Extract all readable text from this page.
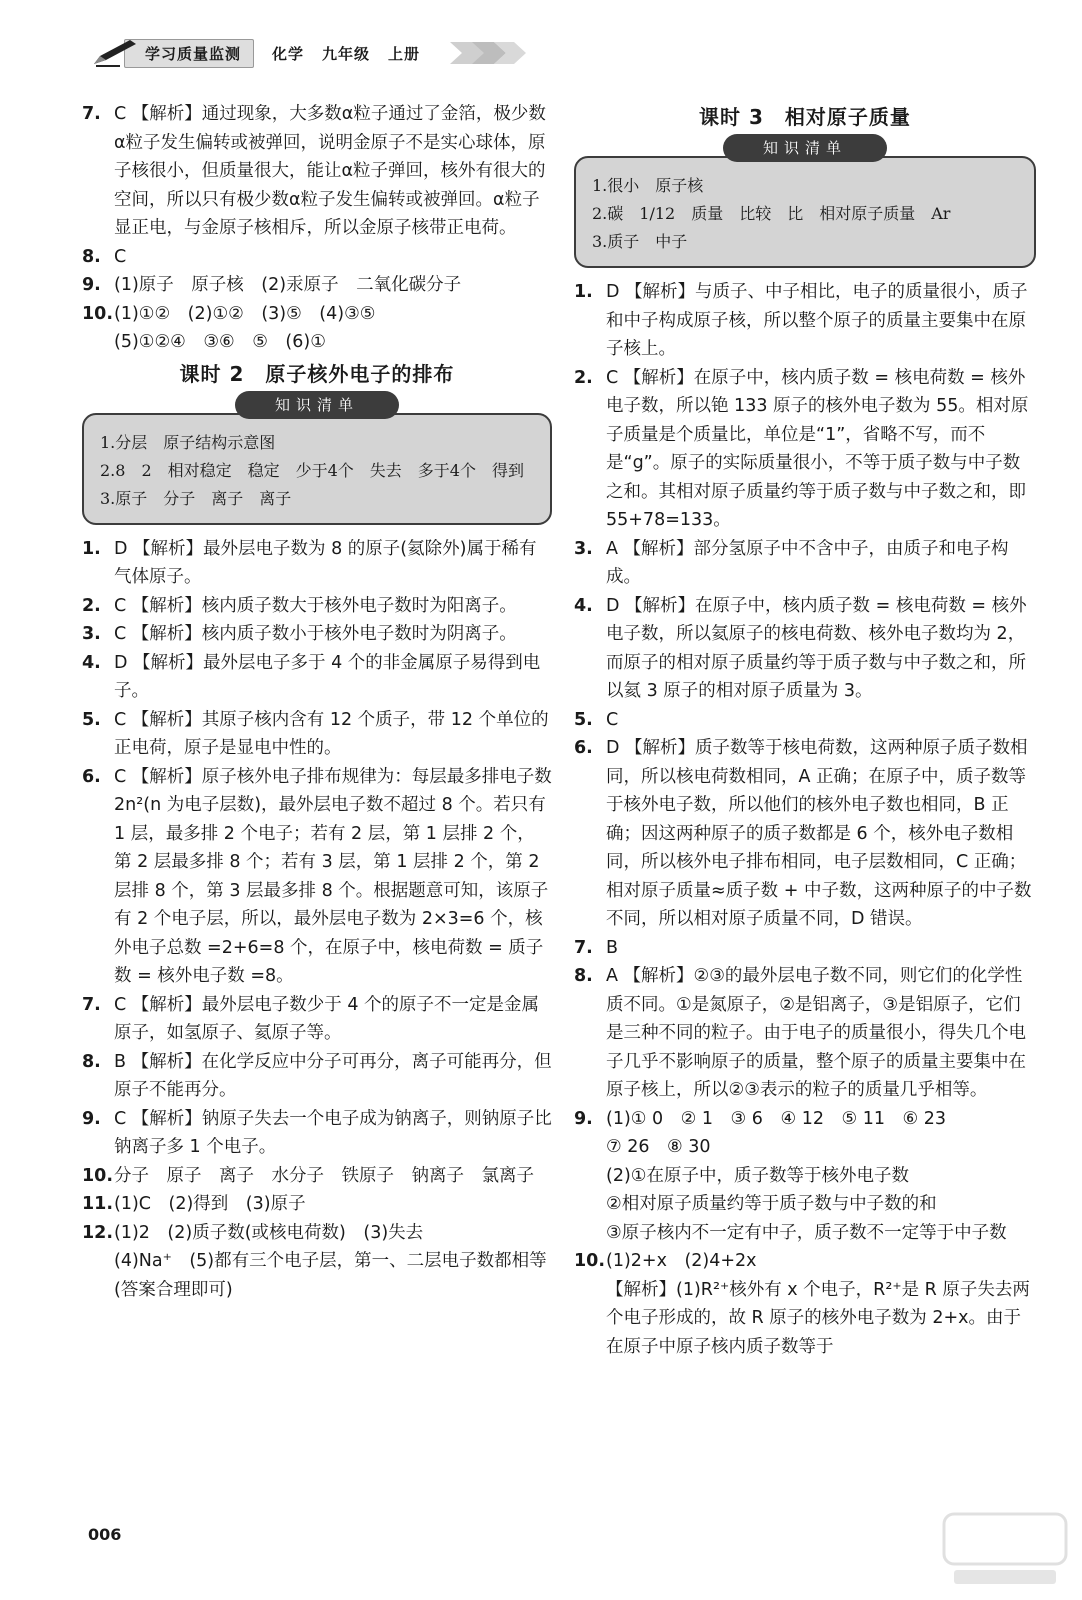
学习质量监测	化学 九年级 上册
7. C 【解析】通过现象，大多数α粒子通过了金箔，极少数α粒子发生偏转或被弹回，说明金原子不是实心球体，原子核很小，但质量很大，能让α粒子弹回，核外有很大的空间，所以只有极少数α粒子发生偏转或被弹回。α粒子显正电，与金原子核相斥，所以金原子核带正电荷。

8. C

9. (1)原子　原子核　(2)汞原子　二氧化碳分子

10. (1)①②　(2)①②　(3)⑤　(4)③⑤

(5)①②④　③⑥　⑤　(6)①

课时 2　原子核外电子的排布
知识清单

1.分层　原子结构示意图

2.8　2　相对稳定　稳定　少于4个　失去　多于4个　得到

3.原子　分子　离子　离子

1. D 【解析】最外层电子数为 8 的原子(氦除外)属于稀有气体原子。

2. C 【解析】核内质子数大于核外电子数时为阳离子。

3. C 【解析】核内质子数小于核外电子数时为阴离子。

4. D 【解析】最外层电子多于 4 个的非金属原子易得到电子。

5. C 【解析】其原子核内含有 12 个质子，带 12 个单位的正电荷，原子是显电中性的。

6. C 【解析】原子核外电子排布规律为：每层最多排电子数 2n²(n 为电子层数)，最外层电子数不超过 8 个。若只有 1 层，最多排 2 个电子；若有 2 层，第 1 层排 2 个，第 2 层最多排 8 个；若有 3 层，第 1 层排 2 个，第 2 层排 8 个，第 3 层最多排 8 个。根据题意可知，该原子有 2 个电子层，所以，最外层电子数为 2×3=6 个，核外电子总数 =2+6=8 个，在原子中，核电荷数 = 质子数 = 核外电子数 =8。

7. C 【解析】最外层电子数少于 4 个的原子不一定是金属原子，如氢原子、氦原子等。

8. B 【解析】在化学反应中分子可再分，离子可能再分，但原子不能再分。

9. C 【解析】钠原子失去一个电子成为钠离子，则钠原子比钠离子多 1 个电子。

10. 分子　原子　离子　水分子　铁原子　钠离子　氯离子

11. (1)C　(2)得到　(3)原子

12. (1)2　(2)质子数(或核电荷数)　(3)失去

(4)Na⁺　(5)都有三个电子层，第一、二层电子数都相等(答案合理即可)

课时 3　相对原子质量
知识清单

1.很小　原子核

2.碳　1/12　质量　比较　比　相对原子质量　Ar

3.质子　中子

1. D 【解析】与质子、中子相比，电子的质量很小，质子和中子构成原子核，所以整个原子的质量主要集中在原子核上。

2. C 【解析】在原子中，核内质子数 = 核电荷数 = 核外电子数，所以铯 133 原子的核外电子数为 55。相对原子质量是个质量比，单位是“1”，省略不写，而不是“g”。原子的实际质量很小，不等于质子数与中子数之和。其相对原子质量约等于质子数与中子数之和，即55+78=133。

3. A 【解析】部分氢原子中不含中子，由质子和电子构成。

4. D 【解析】在原子中，核内质子数 = 核电荷数 = 核外电子数，所以氦原子的核电荷数、核外电子数均为 2，而原子的相对原子质量约等于质子数与中子数之和，所以氦 3 原子的相对原子质量为 3。

5. C

6. D 【解析】质子数等于核电荷数，这两种原子质子数相同，所以核电荷数相同，A 正确；在原子中，质子数等于核外电子数，所以他们的核外电子数也相同，B 正确；因这两种原子的质子数都是 6 个，核外电子数相同，所以核外电子排布相同，电子层数相同，C 正确；相对原子质量≈质子数 + 中子数，这两种原子的中子数不同，所以相对原子质量不同，D 错误。

7. B

8. A 【解析】②③的最外层电子数不同，则它们的化学性质不同。①是氮原子，②是铝离子，③是铝原子，它们是三种不同的粒子。由于电子的质量很小，得失几个电子几乎不影响原子的质量，整个原子的质量主要集中在原子核上，所以②③表示的粒子的质量几乎相等。

9. (1)① 0　② 1　③ 6　④ 12　⑤ 11　⑥ 23

⑦ 26　⑧ 30

(2)①在原子中，质子数等于核外电子数

②相对原子质量约等于质子数与中子数的和

③原子核内不一定有中子，质子数不一定等于中子数

10. (1)2+x　(2)4+2x

【解析】(1)R²⁺核外有 x 个电子，R²⁺是 R 原子失去两个电子形成的，故 R 原子的核外电子数为 2+x。由于在原子中原子核内质子数等于

006
